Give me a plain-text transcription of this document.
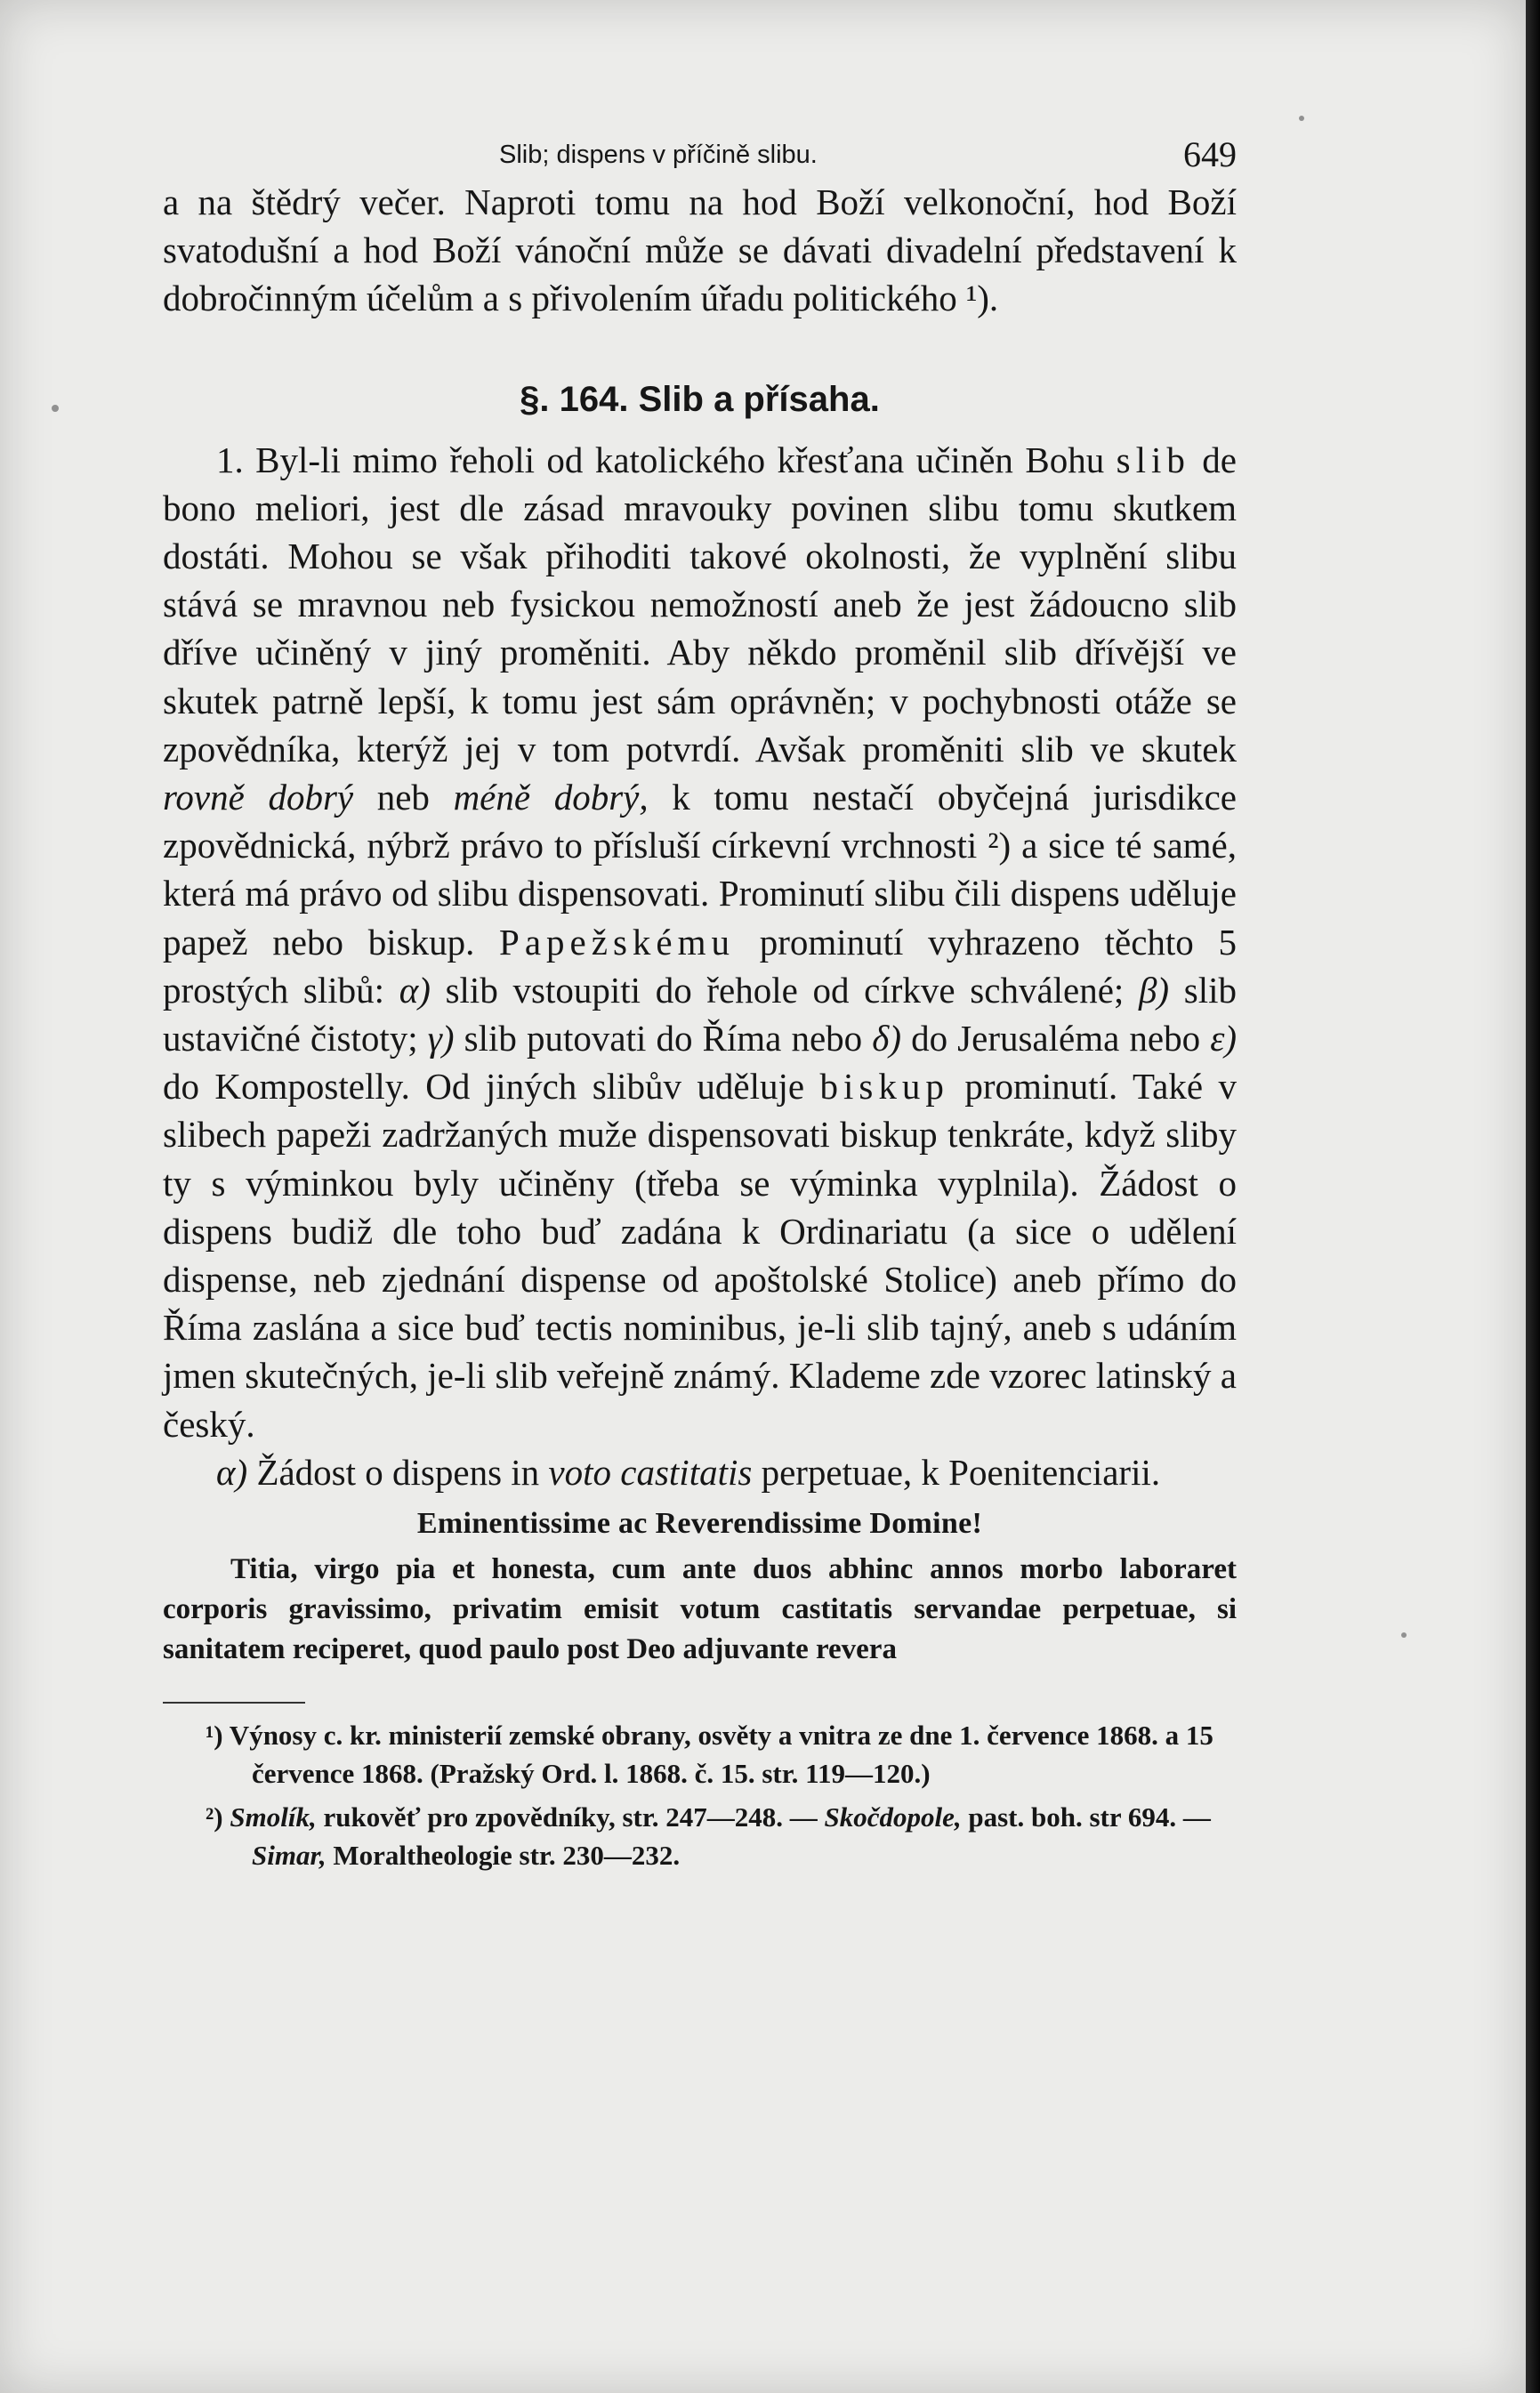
Slib; dispens v příčině slibu.	649

a na štědrý večer. Naproti tomu na hod Boží velkonoční, hod Boží svatodušní a hod Boží vánoční může se dávati divadelní představení k dobročinným účelům a s přivolením úřadu politického ¹).

§. 164. Slib a přísaha.

1. Byl-li mimo řeholi od katolického křesťana učiněn Bohu slib de bono meliori, jest dle zásad mravouky povinen slibu tomu skutkem dostáti. Mohou se však přihoditi takové okolnosti, že vyplnění slibu stává se mravnou neb fysickou nemožností aneb že jest žádoucno slib dříve učiněný v jiný proměniti. Aby někdo proměnil slib dřívější ve skutek patrně lepší, k tomu jest sám oprávněn; v pochybnosti otáže se zpovědníka, kterýž jej v tom potvrdí. Avšak proměniti slib ve skutek rovně dobrý neb méně dobrý, k tomu nestačí obyčejná jurisdikce zpovědnická, nýbrž právo to přísluší církevní vrchnosti ²) a sice té samé, která má právo od slibu dispensovati. Prominutí slibu čili dispens uděluje papež nebo biskup. Papežskému prominutí vyhrazeno těchto 5 prostých slibů: α) slib vstoupiti do řehole od církve schválené; β) slib ustavičné čistoty; γ) slib putovati do Říma nebo δ) do Jerusaléma nebo ε) do Kompostelly. Od jiných slibův uděluje biskup prominutí. Také v slibech papeži zadržaných muže dispensovati biskup tenkráte, když sliby ty s výminkou byly učiněny (třeba se výminka vyplnila). Žádost o dispens budiž dle toho buď zadána k Ordinariatu (a sice o udělení dispense, neb zjednání dispense od apoštolské Stolice) aneb přímo do Říma zaslána a sice buď tectis nominibus, je-li slib tajný, aneb s udáním jmen skutečných, je-li slib veřejně známý. Klademe zde vzorec latinský a český.

α) Žádost o dispens in voto castitatis perpetuae, k Poenitenciarii.

Eminentissime ac Reverendissime Domine!

Titia, virgo pia et honesta, cum ante duos abhinc annos morbo laboraret corporis gravissimo, privatim emisit votum castitatis servandae perpetuae, si sanitatem reciperet, quod paulo post Deo adjuvante revera

¹) Výnosy c. kr. ministerií zemské obrany, osvěty a vnitra ze dne 1. července 1868. a 15 července 1868. (Pražský Ord. l. 1868. č. 15. str. 119—120.)

²) Smolík, rukověť pro zpovědníky, str. 247—248. — Skočdopole, past. boh. str 694. — Simar, Moraltheologie str. 230—232.
